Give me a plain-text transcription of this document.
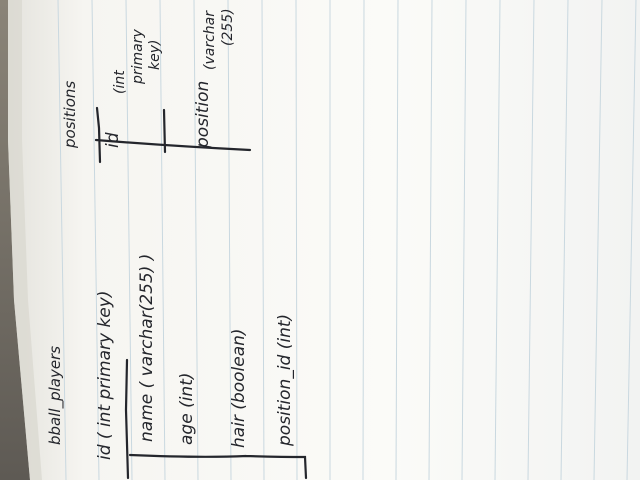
bball_players id ( int primary key) name ( varchar(255) ) age (int) hair (boolean) position_id (int)
positions id
(int primary key)
position
(varchar (255)
